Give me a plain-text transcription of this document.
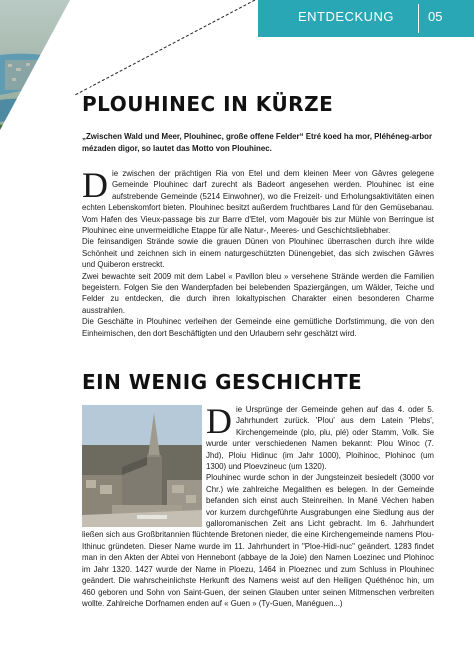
ENTDECKUNG	05
PLOUHINEC IN KÜRZE

„Zwischen Wald und Meer, Plouhinec, große offene Felder“ Etré koed ha mor, Pléhéneg-arbor mézaden digor, so lautet das Motto von Plouhinec.

Die zwischen der prächtigen Ria von Etel und dem kleinen Meer von Gâvres gelegene Gemeinde Plouhinec darf zurecht als Badeort angesehen werden. Plouhinec ist eine aufstrebende Gemeinde (5214 Einwohner), wo die Freizeit- und Erholungsaktivitäten einen echten Lebenskomfort bieten. Plouhinec besitzt außerdem fruchtbares Land für den Gemüsebanau. Vom Hafen des Vieux-passage bis zur Barre d'Etel, vom Magouër bis zur Mühle von Berringue ist Plouhinec eine unvermeidliche Etappe für alle Natur-, Meeres- und Geschichtsliebhaber.

Die feinsandigen Strände sowie die grauen Dünen von Plouhinec überraschen durch ihre wilde Schönheit und zeichnen sich in einem naturgeschützten Dünengebiet, das sich zwischen Gâvres und Quiberon erstreckt.

Zwei bewachte seit 2009 mit dem Label « Pavillon bleu » versehene Strände werden die Familien begeistern. Folgen Sie den Wanderpfaden bei belebenden Spaziergängen, um Wälder, Teiche und Felder zu entdecken, die durch ihren lokaltypischen Charakter einen besonderen Charme ausstrahlen.

Die Geschäfte in Plouhinec verleihen der Gemeinde eine gemütliche Dorfstimmung, die von den Einheimischen, den dort Beschäftigten und den Urlaubern sehr geschätzt wird.

EIN WENIG GESCHICHTE

Die Ursprünge der Gemeinde gehen auf das 4. oder 5. Jahrhundert zurück. 'Plou' aus dem Latein 'Plebs', Kirchengemeinde (plo, plu, plé) oder Stamm, Volk. Sie wurde unter verschiedenen Namen bekannt: Plou Winoc (7. Jhd), Ploiu Hidinuc (im Jahr 1000), Ploihinoc, Plohinoc (um 1300) und Ploevzineuc (um 1320).

Plouhinec wurde schon in der Jungsteinzeit besiedelt (3000 vor Chr.) wie zahlreiche Megalithen es belegen. In der Gemeinde befanden sich einst auch Steinreihen. In Mané Véchen haben vor kurzem durchgeführte Ausgrabungen eine Siedlung aus der galloromanischen Zeit ans Licht gebracht. Im 6. Jahrhundert ließen sich aus Großbritannien flüchtende Bretonen nieder, die eine Kirchengemeinde namens Plou-Ithinuc gründeten. Dieser Name wurde im 11. Jahrhundert in "Ploe-Hidi-nuc" geändert. 1283 findet man in den Akten der Abtei von Hennebont (abbaye de la Joie) den Namen Loezinec und Plohinoc im Jahr 1320. 1427 wurde der Name in Ploezu, 1464 in Ploeznec und zum Schluss in Plouhinec geändert. Die wahrscheinlichste Herkunft des Namens weist auf den Heiligen Quéthénoc hin, um 460 geboren und Sohn von Saint-Guen, der seinen Glauben unter seinen Mitmenschen verbreiten wollte. Zahlreiche Dorfnamen enden auf « Guen » (Ty-Guen, Manéguen...)
